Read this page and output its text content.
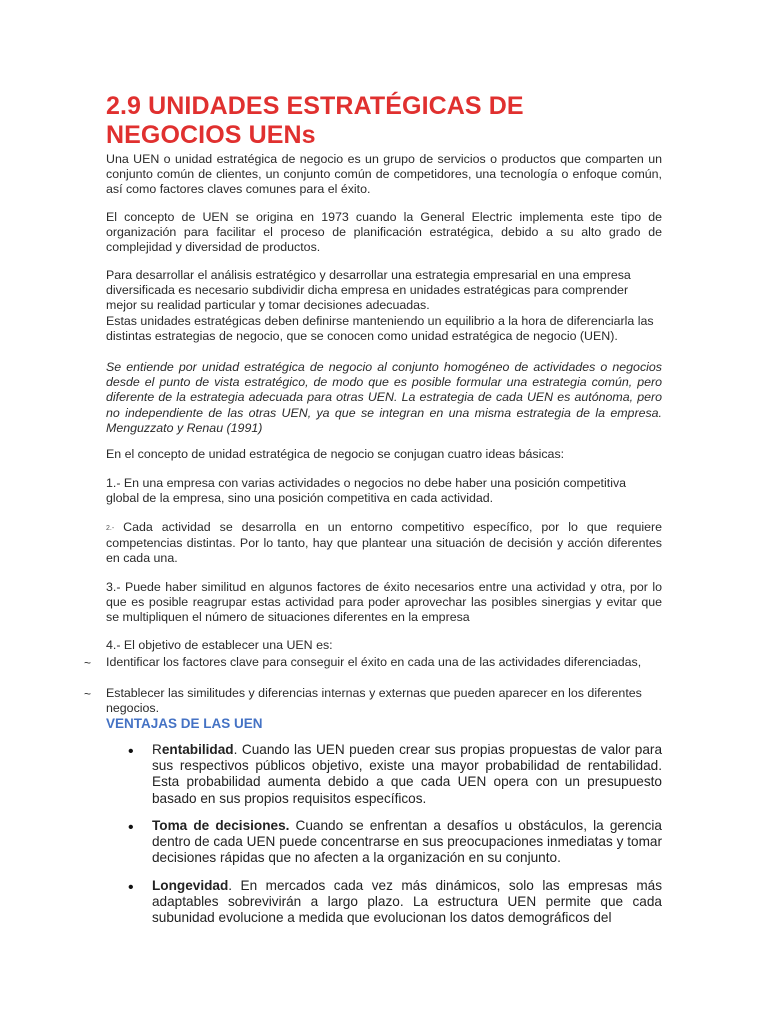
2.9 UNIDADES ESTRATÉGICAS DE NEGOCIOS UENs

Una UEN o unidad estratégica de negocio es un grupo de servicios o productos que comparten un conjunto común de clientes, un conjunto común de competidores, una tecnología o enfoque común, así como factores claves comunes para el éxito.

El concepto de UEN se origina en 1973 cuando la General Electric implementa este tipo de organización para facilitar el proceso de planificación estratégica, debido a su alto grado de complejidad y diversidad de productos.

Para desarrollar el análisis estratégico y desarrollar una estrategia empresarial en una empresa diversificada es necesario subdividir dicha empresa en unidades estratégicas para comprender mejor su realidad particular y tomar decisiones adecuadas.

Estas unidades estratégicas deben definirse manteniendo un equilibrio a la hora de diferenciarla las distintas estrategias de negocio, que se conocen como unidad estratégica de negocio (UEN).

Se entiende por unidad estratégica de negocio al conjunto homogéneo de actividades o negocios desde el punto de vista estratégico, de modo que es posible formular una estrategia común, pero diferente de la estrategia adecuada para otras UEN. La estrategia de cada UEN es autónoma, pero no independiente de las otras UEN, ya que se integran en una misma estrategia de la empresa. Menguzzato y Renau (1991)

En el concepto de unidad estratégica de negocio se conjugan cuatro ideas básicas:

1.- En una empresa con varias actividades o negocios no debe haber una posición competitiva global de la empresa, sino una posición competitiva en cada actividad.

2.- Cada actividad se desarrolla en un entorno competitivo específico, por lo que requiere competencias distintas. Por lo tanto, hay que plantear una situación de decisión y acción diferentes en cada una.

3.- Puede haber similitud en algunos factores de éxito necesarios entre una actividad y otra, por lo que es posible reagrupar estas actividad para poder aprovechar las posibles sinergias y evitar que se multipliquen el número de situaciones diferentes en la empresa

4.- El objetivo de establecer una UEN es:

~ Identificar los factores clave para conseguir el éxito en cada una de las actividades diferenciadas,

~ Establecer las similitudes y diferencias internas y externas que pueden aparecer en los diferentes negocios.

VENTAJAS DE LAS UEN
• Rentabilidad. Cuando las UEN pueden crear sus propias propuestas de valor para sus respectivos públicos objetivo, existe una mayor probabilidad de rentabilidad. Esta probabilidad aumenta debido a que cada UEN opera con un presupuesto basado en sus propios requisitos específicos.

• Toma de decisiones. Cuando se enfrentan a desafíos u obstáculos, la gerencia dentro de cada UEN puede concentrarse en sus preocupaciones inmediatas y tomar decisiones rápidas que no afecten a la organización en su conjunto.

• Longevidad. En mercados cada vez más dinámicos, solo las empresas más adaptables sobrevivirán a largo plazo. La estructura UEN permite que cada subunidad evolucione a medida que evolucionan los datos demográficos del
